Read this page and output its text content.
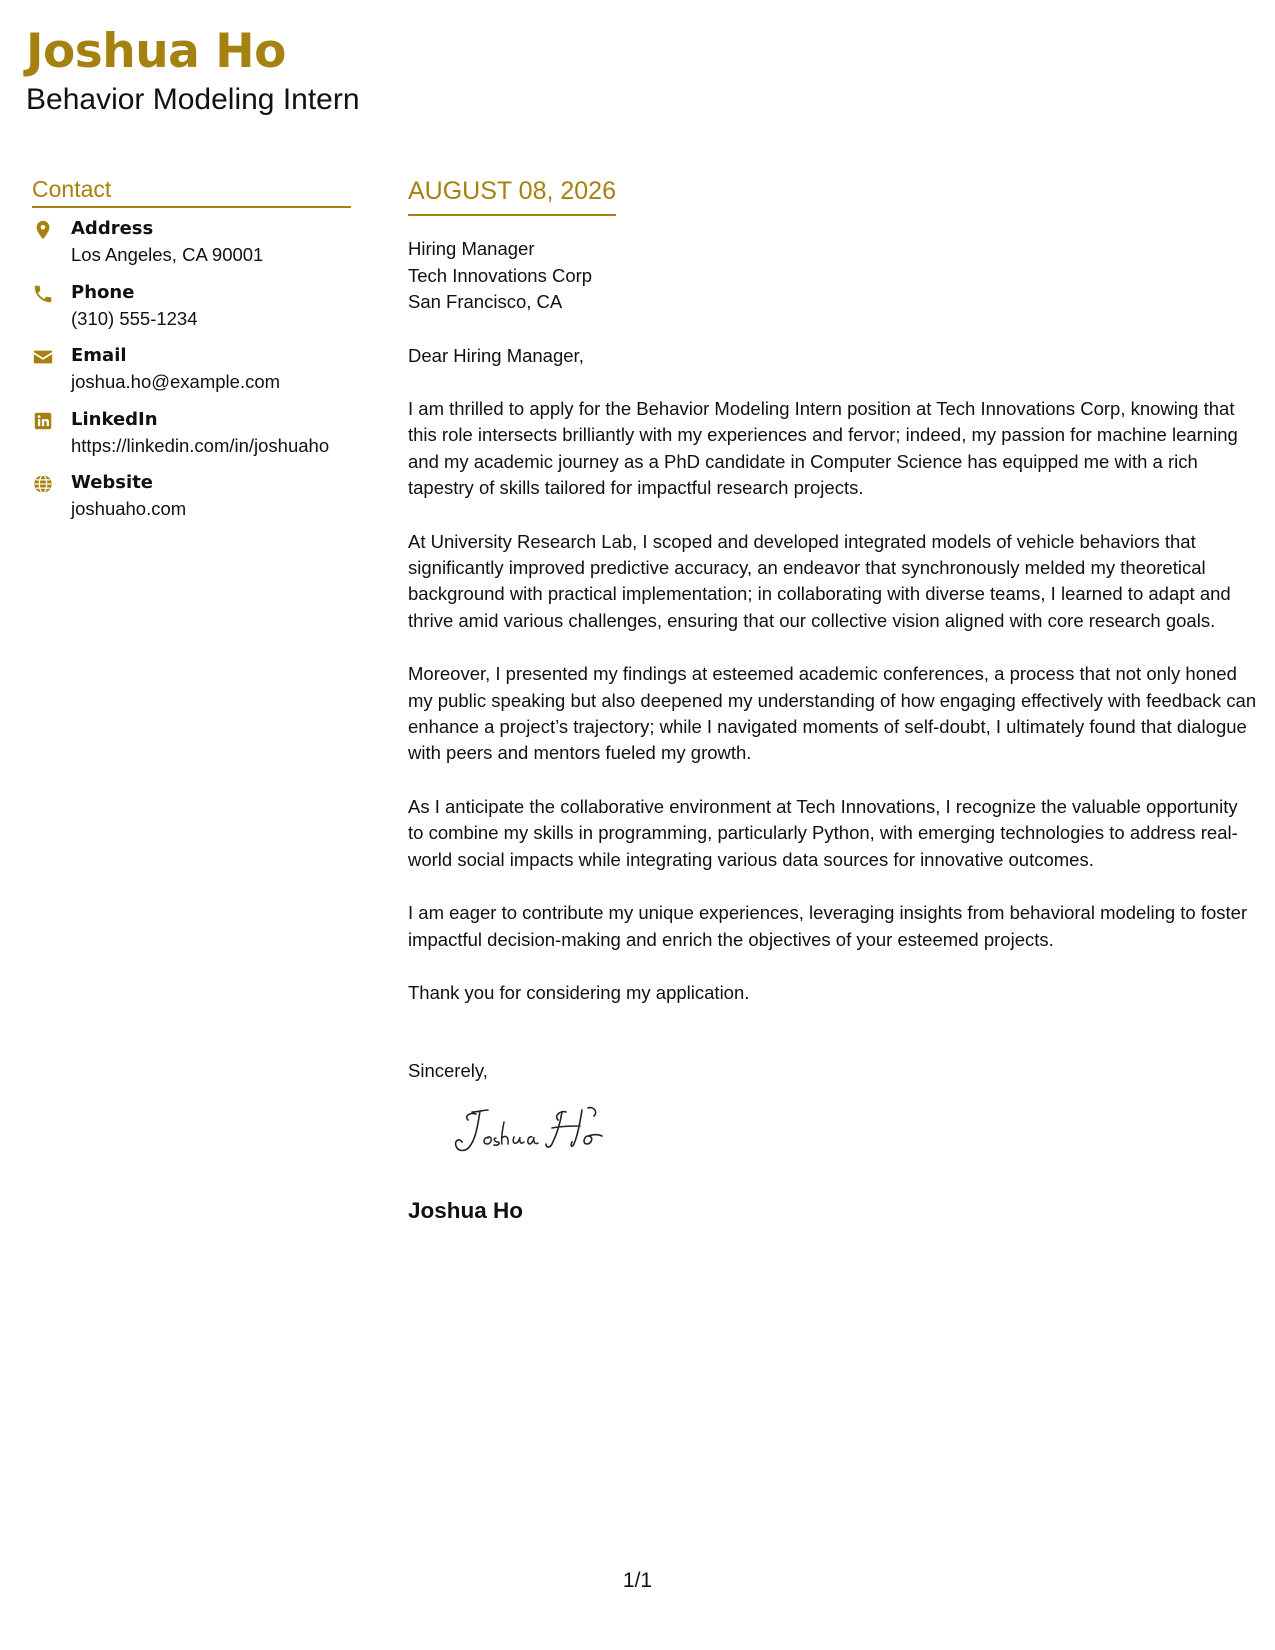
Joshua Ho
Behavior Modeling Intern
Contact
Address
Los Angeles, CA 90001
Phone
(310) 555-1234
Email
joshua.ho@example.com
LinkedIn
https://linkedin.com/in/joshuaho
Website
joshuaho.com
AUGUST 08, 2026
Hiring Manager
Tech Innovations Corp
San Francisco, CA
Dear Hiring Manager,

I am thrilled to apply for the Behavior Modeling Intern position at Tech Innovations Corp, knowing that this role intersects brilliantly with my experiences and fervor; indeed, my passion for machine learning and my academic journey as a PhD candidate in Computer Science has equipped me with a rich tapestry of skills tailored for impactful research projects.

At University Research Lab, I scoped and developed integrated models of vehicle behaviors that significantly improved predictive accuracy, an endeavor that synchronously melded my theoretical background with practical implementation; in collaborating with diverse teams, I learned to adapt and thrive amid various challenges, ensuring that our collective vision aligned with core research goals.

Moreover, I presented my findings at esteemed academic conferences, a process that not only honed my public speaking but also deepened my understanding of how engaging effectively with feedback can enhance a project’s trajectory; while I navigated moments of self-doubt, I ultimately found that dialogue with peers and mentors fueled my growth.

As I anticipate the collaborative environment at Tech Innovations, I recognize the valuable opportunity to combine my skills in programming, particularly Python, with emerging technologies to address real-world social impacts while integrating various data sources for innovative outcomes.

I am eager to contribute my unique experiences, leveraging insights from behavioral modeling to foster impactful decision-making and enrich the objectives of your esteemed projects.

Thank you for considering my application.

Sincerely,
Joshua Ho
1/1
